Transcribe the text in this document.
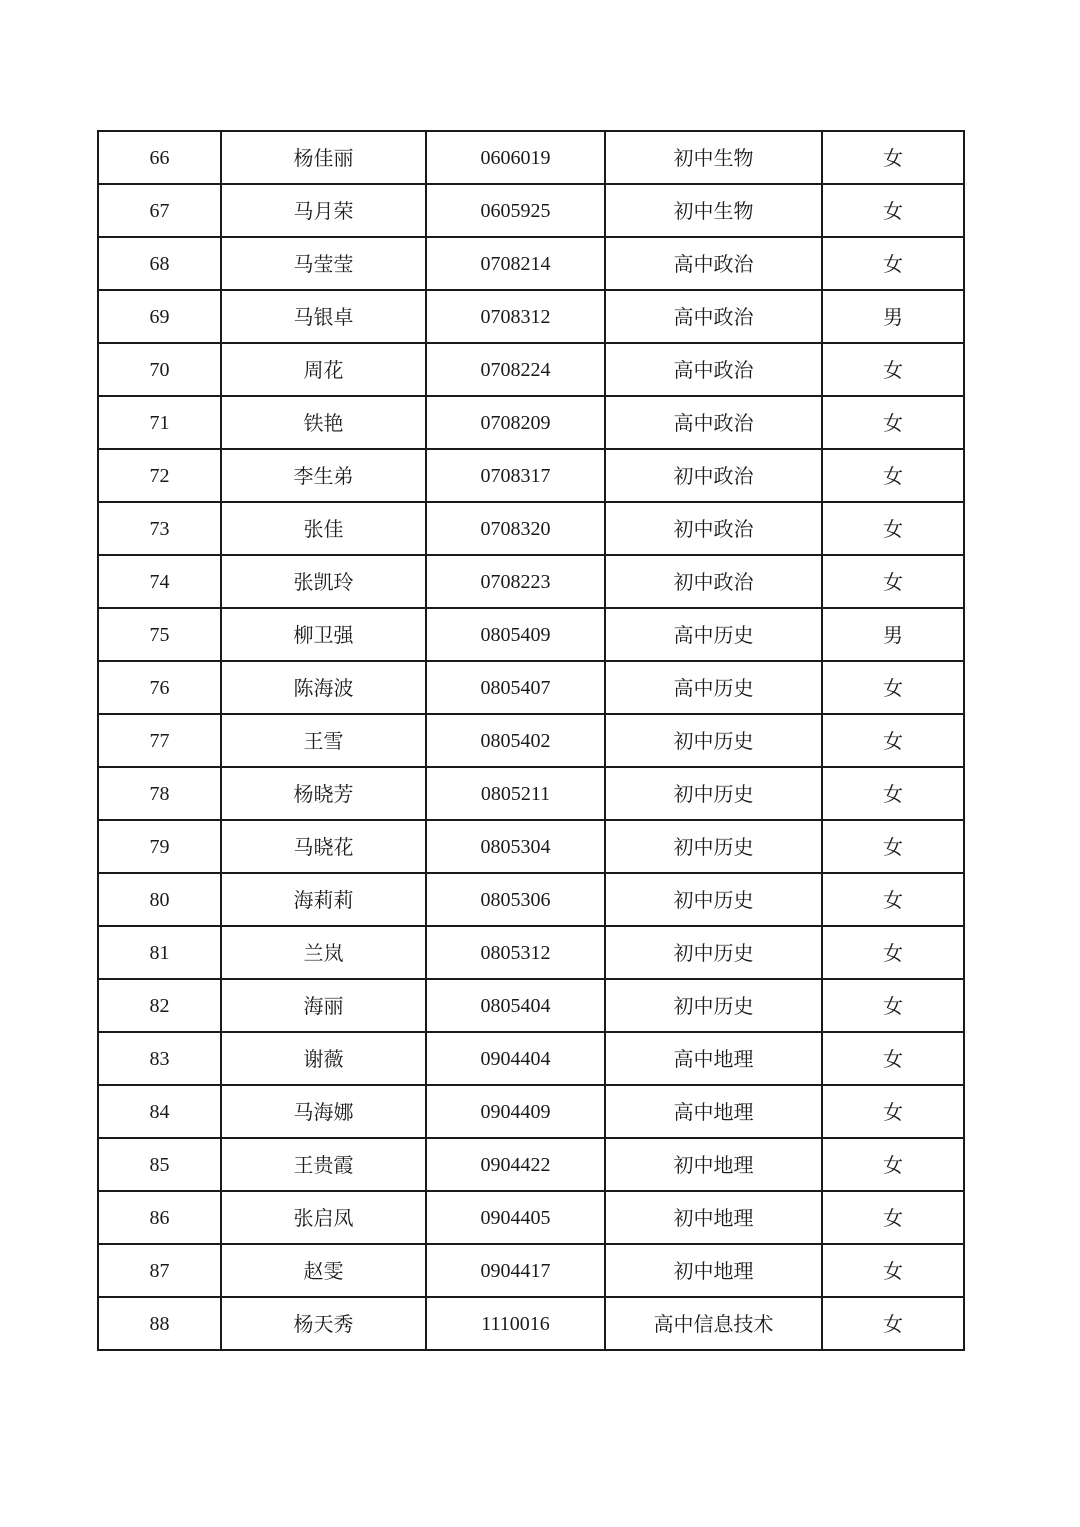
66	杨佳丽	0606019	初中生物	女
67	马月荣	0605925	初中生物	女
68	马莹莹	0708214	高中政治	女
69	马银卓	0708312	高中政治	男
70	周花	0708224	高中政治	女
71	铁艳	0708209	高中政治	女
72	李生弟	0708317	初中政治	女
73	张佳	0708320	初中政治	女
74	张凯玲	0708223	初中政治	女
75	柳卫强	0805409	高中历史	男
76	陈海波	0805407	高中历史	女
77	王雪	0805402	初中历史	女
78	杨晓芳	0805211	初中历史	女
79	马晓花	0805304	初中历史	女
80	海莉莉	0805306	初中历史	女
81	兰岚	0805312	初中历史	女
82	海丽	0805404	初中历史	女
83	谢薇	0904404	高中地理	女
84	马海娜	0904409	高中地理	女
85	王贵霞	0904422	初中地理	女
86	张启凤	0904405	初中地理	女
87	赵雯	0904417	初中地理	女
88	杨天秀	1110016	高中信息技术	女
